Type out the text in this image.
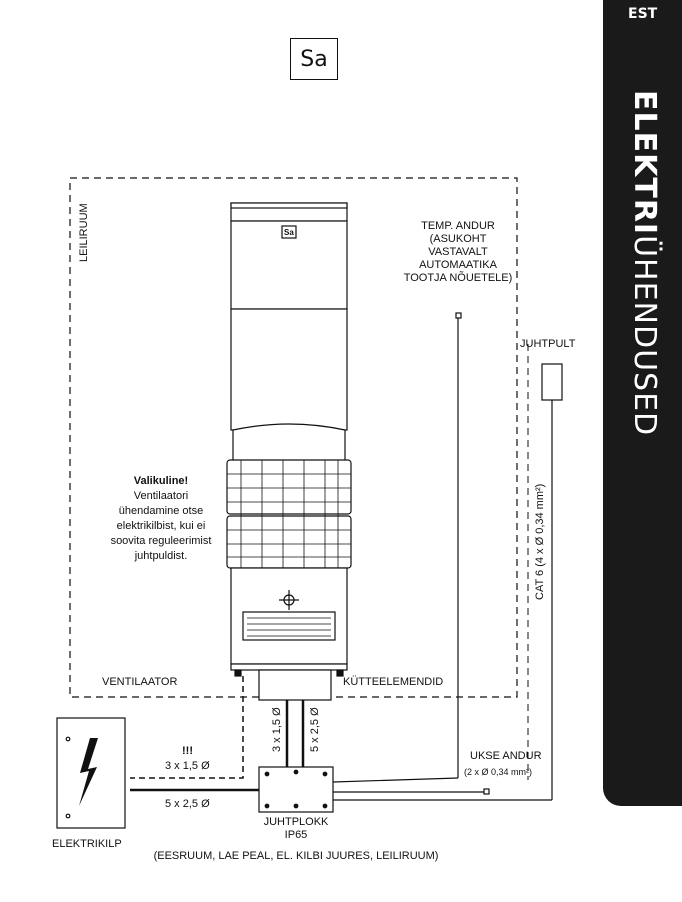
EST
ELEKTRIÜHENDUSED
Sa
Sa
LEILIRUUM	TEMP. ANDUR
(ASUKOHT
VASTAVALT
AUTOMAATIKA
TOOTJA NÕUETELE)
JUHTPULT
CAT 6 (4 x Ø 0,34 mm²)
Valikuline!
Ventilaatori
ühendamine otse
elektrikilbist, kui ei
soovita reguleerimist
juhtpuldist.
VENTILAATOR	KÜTTEELEMENDID
3 x 1,5 Ø 5 x 2,5 Ø
!!!
3 x 1,5 Ø
5 x 2,5 Ø
UKSE ANDUR
(2 x Ø 0,34 mm²)
ELEKTRIKILP
JUHTPLOKK
IP65
(EESRUUM, LAE PEAL, EL. KILBI JUURES, LEILIRUUM)
